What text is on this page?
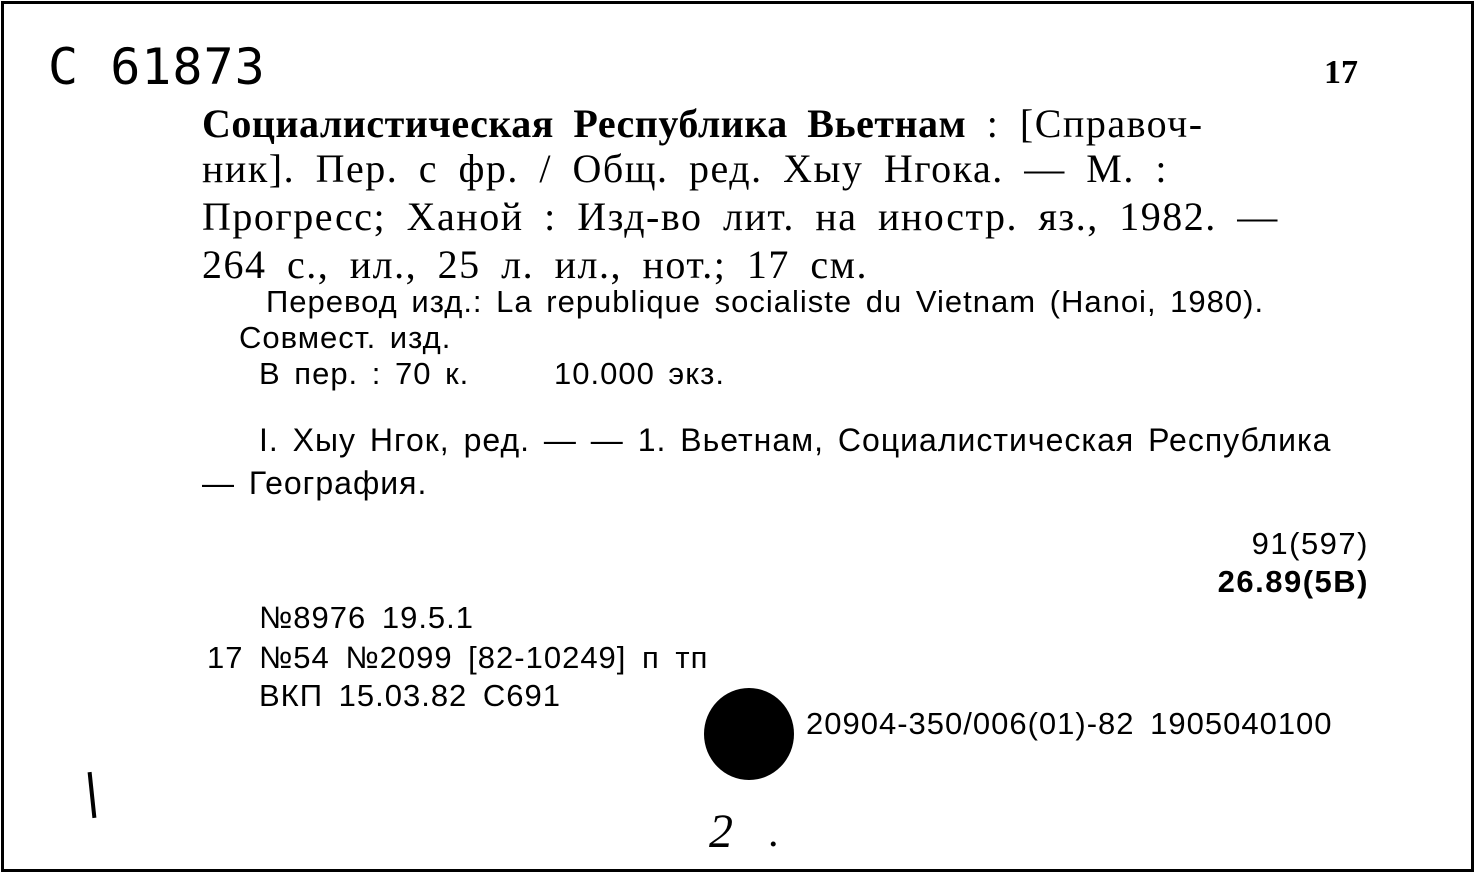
C 61873	17
Социалистическая Республика Вьетнам : [Справоч-
ник]. Пер. с фр. / Общ. ред. Хыу Нгока. — М. :
Прогресс; Ханой : Изд-во лит. на иностр. яз., 1982. —
264 с., ил., 25 л. ил., нот.; 17 см.
Перевод изд.: La republique socialiste du Vietnam (Hanoi, 1980).
Совмест. изд.
В пер. : 70 к.	10.000 экз.
I. Хыу Нгок, ред. — — 1. Вьетнам, Социалистическая Республика
— География.
91(597)
26.89(5В)
№8976 19.5.1
17 №54 №2099 [82-10249] п тп
ВКП 15.03.82 С691
20904-350/006(01)-82 1905040100
2 .
